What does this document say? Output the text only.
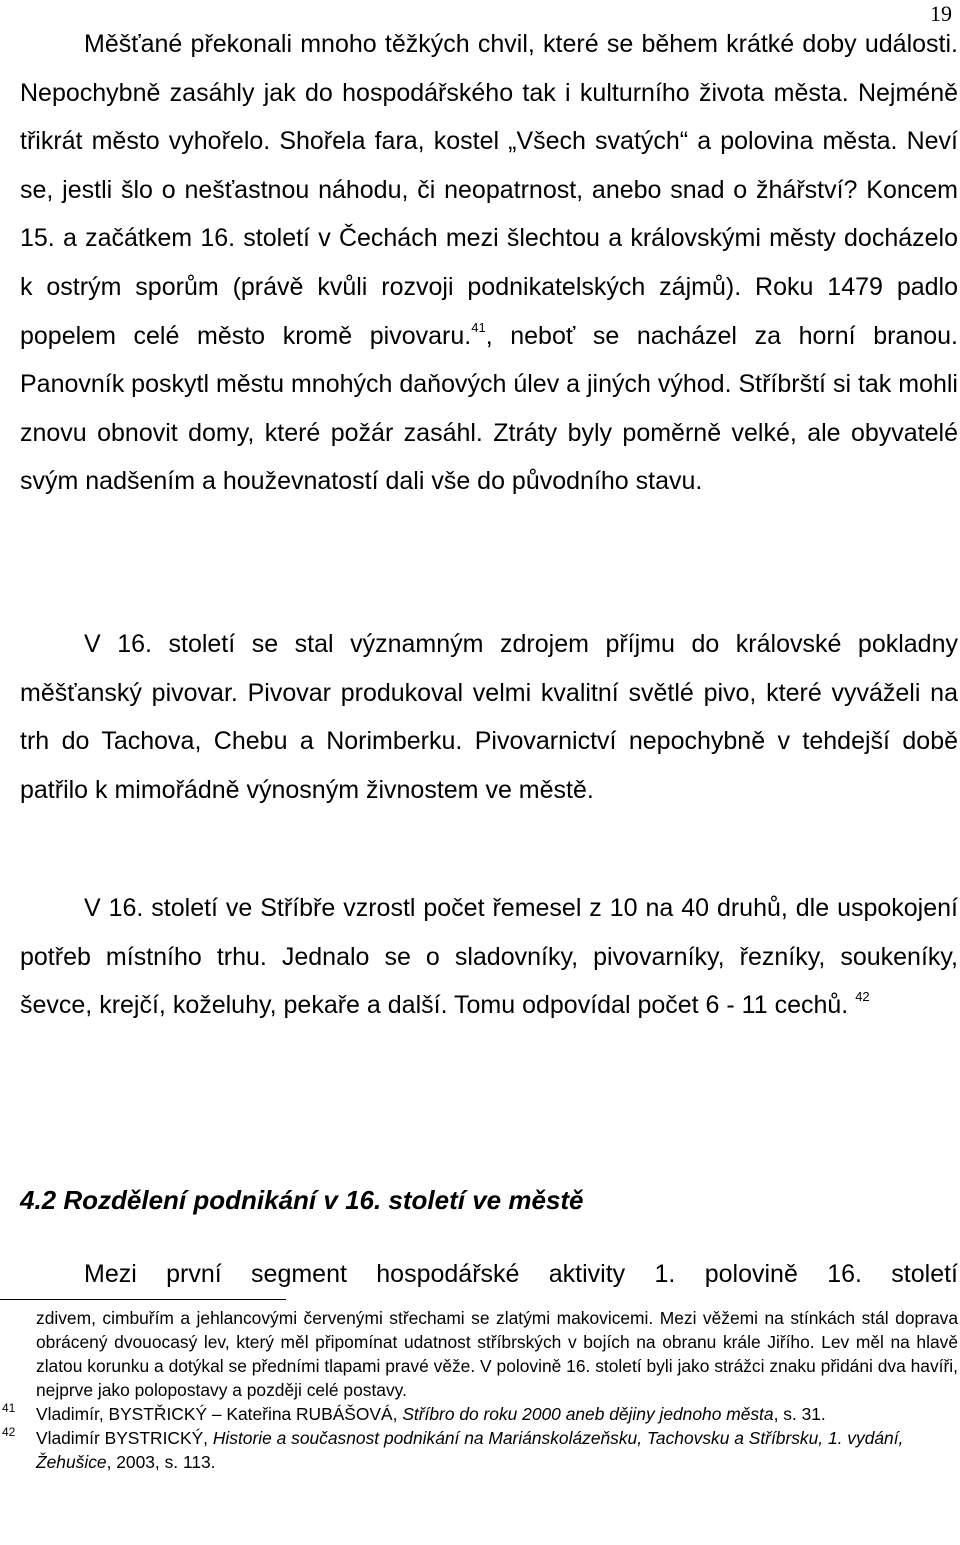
19

Měšťané překonali mnoho těžkých chvil, které se během krátké doby události. Nepochybně zasáhly jak do hospodářského tak i kulturního života města. Nejméně třikrát město vyhořelo. Shořela fara, kostel „Všech svatých“ a polovina města. Neví se, jestli šlo o nešťastnou náhodu, či neopatrnost, anebo snad o žhářství? Koncem 15. a začátkem 16. století v Čechách mezi šlechtou a královskými městy docházelo k ostrým sporům (právě kvůli rozvoji podnikatelských zájmů). Roku 1479 padlo popelem celé město kromě pivovaru.$^{41}$, neboť se nacházel za horní branou. Panovník poskytl městu mnohých daňových úlev a jiných výhod. Stříbrští si tak mohli znovu obnovit domy, které požár zasáhl. Ztráty byly poměrně velké, ale obyvatelé svým nadšením a houževnatostí dali vše do původního stavu.

V 16. století se stal významným zdrojem příjmu do královské pokladny měšťanský pivovar. Pivovar produkoval velmi kvalitní světlé pivo, které vyváželi na trh do Tachova, Chebu a Norimberku. Pivovarnictví nepochybně v tehdejší době patřilo k mimořádně výnosným živnostem ve městě.

V 16. století ve Stříbře vzrostl počet řemesel z 10 na 40 druhů, dle uspokojení potřeb místního trhu. Jednalo se o sladovníky, pivovarníky, řezníky, soukeníky, ševce, krejčí, koželuhy, pekaře a další. Tomu odpovídal počet 6 - 11 cechů. $^{42}$

4.2 Rozdělení podnikání v 16. století ve městě

Mezi první segment hospodářské aktivity 1. polovině 16. století

zdivem, cimbuřím a jehlancovými červenými střechami se zlatými makovicemi. Mezi věžemi na stínkách stál doprava obrácený dvouocasý lev, který měl připomínat udatnost stříbrských v bojích na obranu krále Jiřího. Lev měl na hlavě zlatou korunku a dotýkal se předními tlapami pravé věže. V polovině 16. století byli jako strážci znaku přidáni dva havíři, nejprve jako polopostavy a později celé postavy.
41 Vladimír, BYSTŘICKÝ – Kateřina RUBÁŠOVÁ, Stříbro do roku 2000 aneb dějiny jednoho města, s. 31.
42 Vladimír BYSTRICKÝ, Historie a současnost podnikání na Mariánskolázeňsku, Tachovsku a Stříbrsku, 1. vydání, Žehušice, 2003, s. 113.
